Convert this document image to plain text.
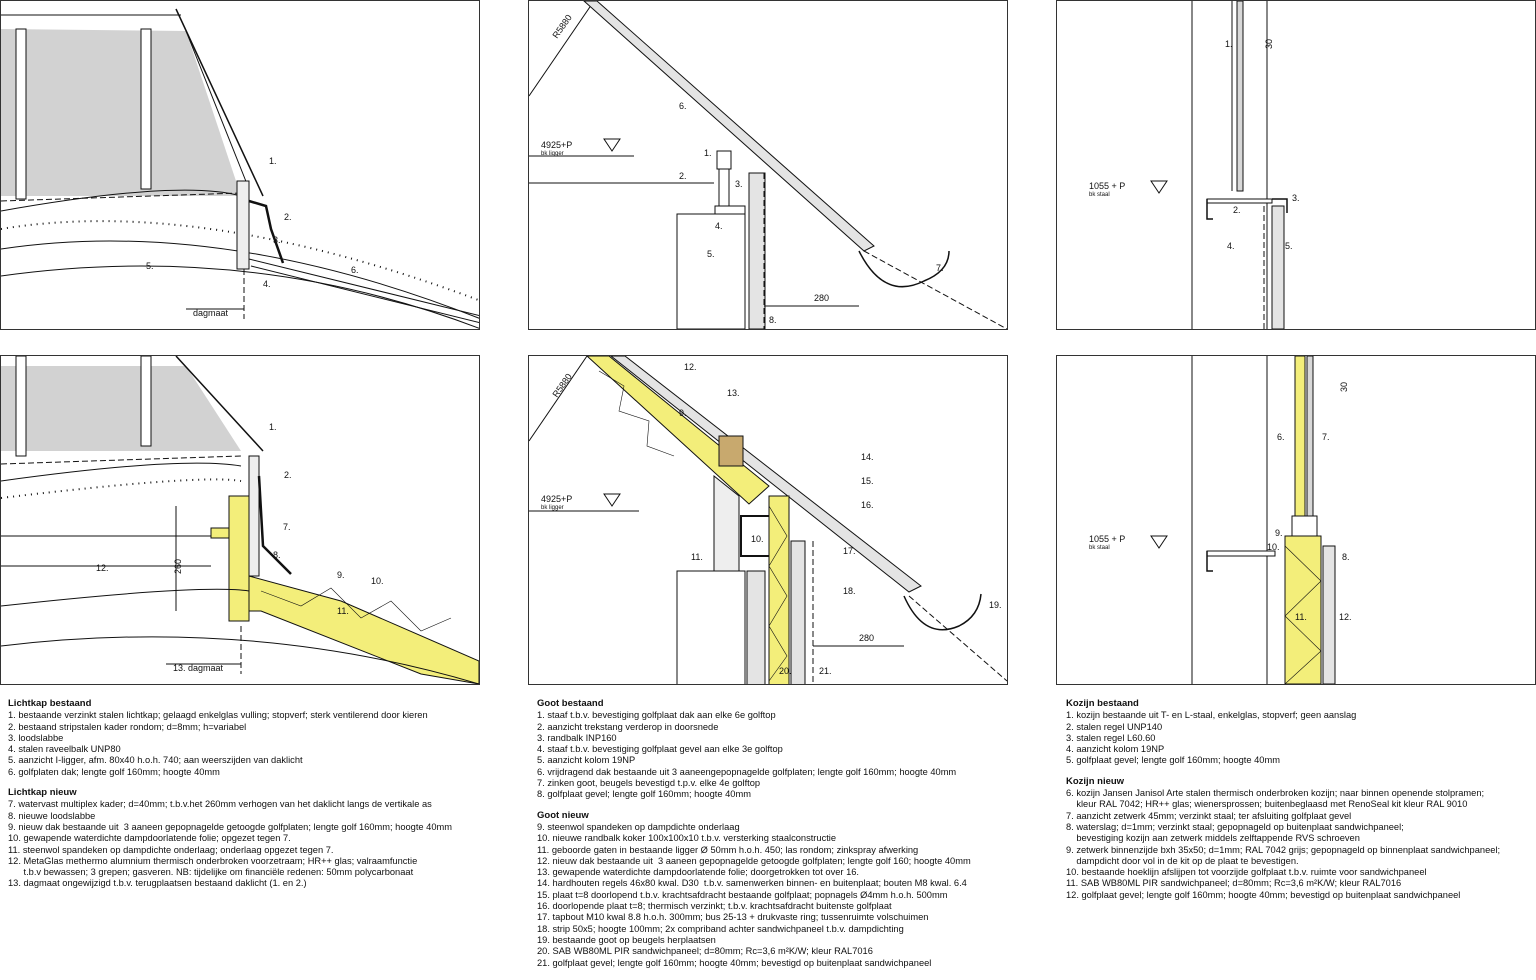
dagmaat
1.
2.
3.
4.
5.	6.
R5880
4925+P
bk ligger
280
1.
2.
3.
4.
5.
6.
7.
8.
1055 + P
bk staal
30
1.
2.
3.
4.	5.
260
13. dagmaat
1.
2.
7.
8.
9.
10.
11.
12.
R5880
4925+P
bk ligger
280
12.
13.
9.
14.
15.
16.
10.
11.
17.
18.
19.
20.	21.
1055 + P
bk staal
30
6.	7.
9.
10.
8.
11.	12.
Lichtkap bestaand
1. bestaande verzinkt stalen lichtkap; gelaagd enkelglas vulling; stopverf; sterk ventilerend door kieren
2. bestaand stripstalen kader rondom; d=8mm; h=variabel
3. loodslabbe
4. stalen raveelbalk UNP80
5. aanzicht I-ligger, afm. 80x40 h.o.h. 740; aan weerszijden van daklicht
6. golfplaten dak; lengte golf 160mm; hoogte 40mm
Lichtkap nieuw
7. watervast multiplex kader; d=40mm; t.b.v.het 260mm verhogen van het daklicht langs de vertikale as
8. nieuwe loodslabbe
9. nieuw dak bestaande uit  3 aaneen gepopnagelde getoogde golfplaten; lengte golf 160mm; hoogte 40mm
10. gewapende waterdichte dampdoorlatende folie; opgezet tegen 7.
11. steenwol spandeken op dampdichte onderlaag; onderlaag opgezet tegen 7.
12. MetaGlas methermo alumnium thermisch onderbroken voorzetraam; HR++ glas; valraamfunctie
t.b.v bewassen; 3 grepen; gasveren. NB: tijdelijke om financiële redenen: 50mm polycarbonaat
13. dagmaat ongewijzigd t.b.v. terugplaatsen bestaand daklicht (1. en 2.)
Goot bestaand
1. staaf t.b.v. bevestiging golfplaat dak aan elke 6e golftop
2. aanzicht trekstang verderop in doorsnede
3. randbalk INP160
4. staaf t.b.v. bevestiging golfplaat gevel aan elke 3e golftop
5. aanzicht kolom 19NP
6. vrijdragend dak bestaande uit 3 aaneengepopnagelde golfplaten; lengte golf 160mm; hoogte 40mm
7. zinken goot, beugels bevestigd t.p.v. elke 4e golftop
8. golfplaat gevel; lengte golf 160mm; hoogte 40mm
Goot nieuw
9. steenwol spandeken op dampdichte onderlaag
10. nieuwe randbalk koker 100x100x10 t.b.v. versterking staalconstructie
11. geboorde gaten in bestaande ligger Ø 50mm h.o.h. 450; las rondom; zinkspray afwerking
12. nieuw dak bestaande uit  3 aaneen gepopnagelde getoogde golfplaten; lengte golf 160; hoogte 40mm
13. gewapende waterdichte dampdoorlatende folie; doorgetrokken tot over 16.
14. hardhouten regels 46x80 kwal. D30  t.b.v. samenwerken binnen- en buitenplaat; bouten M8 kwal. 6.4
15. plaat t=8 doorlopend t.b.v. krachtsafdracht bestaande golfplaat; popnagels Ø4mm h.o.h. 500mm
16. doorlopende plaat t=8; thermisch verzinkt; t.b.v. krachtsafdracht buitenste golfplaat
17. tapbout M10 kwal 8.8 h.o.h. 300mm; bus 25-13 + drukvaste ring; tussenruimte volschuimen
18. strip 50x5; hoogte 100mm; 2x compriband achter sandwichpaneel t.b.v. dampdichting
19. bestaande goot op beugels herplaatsen
20. SAB WB80ML PIR sandwichpaneel; d=80mm; Rc=3,6 m²K/W; kleur RAL7016
21. golfplaat gevel; lengte golf 160mm; hoogte 40mm; bevestigd op buitenplaat sandwichpaneel
Kozijn bestaand
1. kozijn bestaande uit T- en L-staal, enkelglas, stopverf; geen aanslag
2. stalen regel UNP140
3. stalen regel L60.60
4. aanzicht kolom 19NP
5. golfplaat gevel; lengte golf 160mm; hoogte 40mm
Kozijn nieuw
6. kozijn Jansen Janisol Arte stalen thermisch onderbroken kozijn; naar binnen openende stolpramen;
kleur RAL 7042; HR++ glas; wienersprossen; buitenbeglaasd met RenoSeal kit kleur RAL 9010
7. aanzicht zetwerk 45mm; verzinkt staal; ter afsluiting golfplaat gevel
8. waterslag; d=1mm; verzinkt staal; gepopnageld op buitenplaat sandwichpaneel;
bevestiging kozijn aan zetwerk middels zelftappende RVS schroeven
9. zetwerk binnenzijde bxh 35x50; d=1mm; RAL 7042 grijs; gepopnageld op binnenplaat sandwichpaneel;
dampdicht door vol in de kit op de plaat te bevestigen.
10. bestaande hoeklijn afslijpen tot voorzijde golfplaat t.b.v. ruimte voor sandwichpaneel
11. SAB WB80ML PIR sandwichpaneel; d=80mm; Rc=3,6 m²K/W; kleur RAL7016
12. golfplaat gevel; lengte golf 160mm; hoogte 40mm; bevestigd op buitenplaat sandwichpaneel
